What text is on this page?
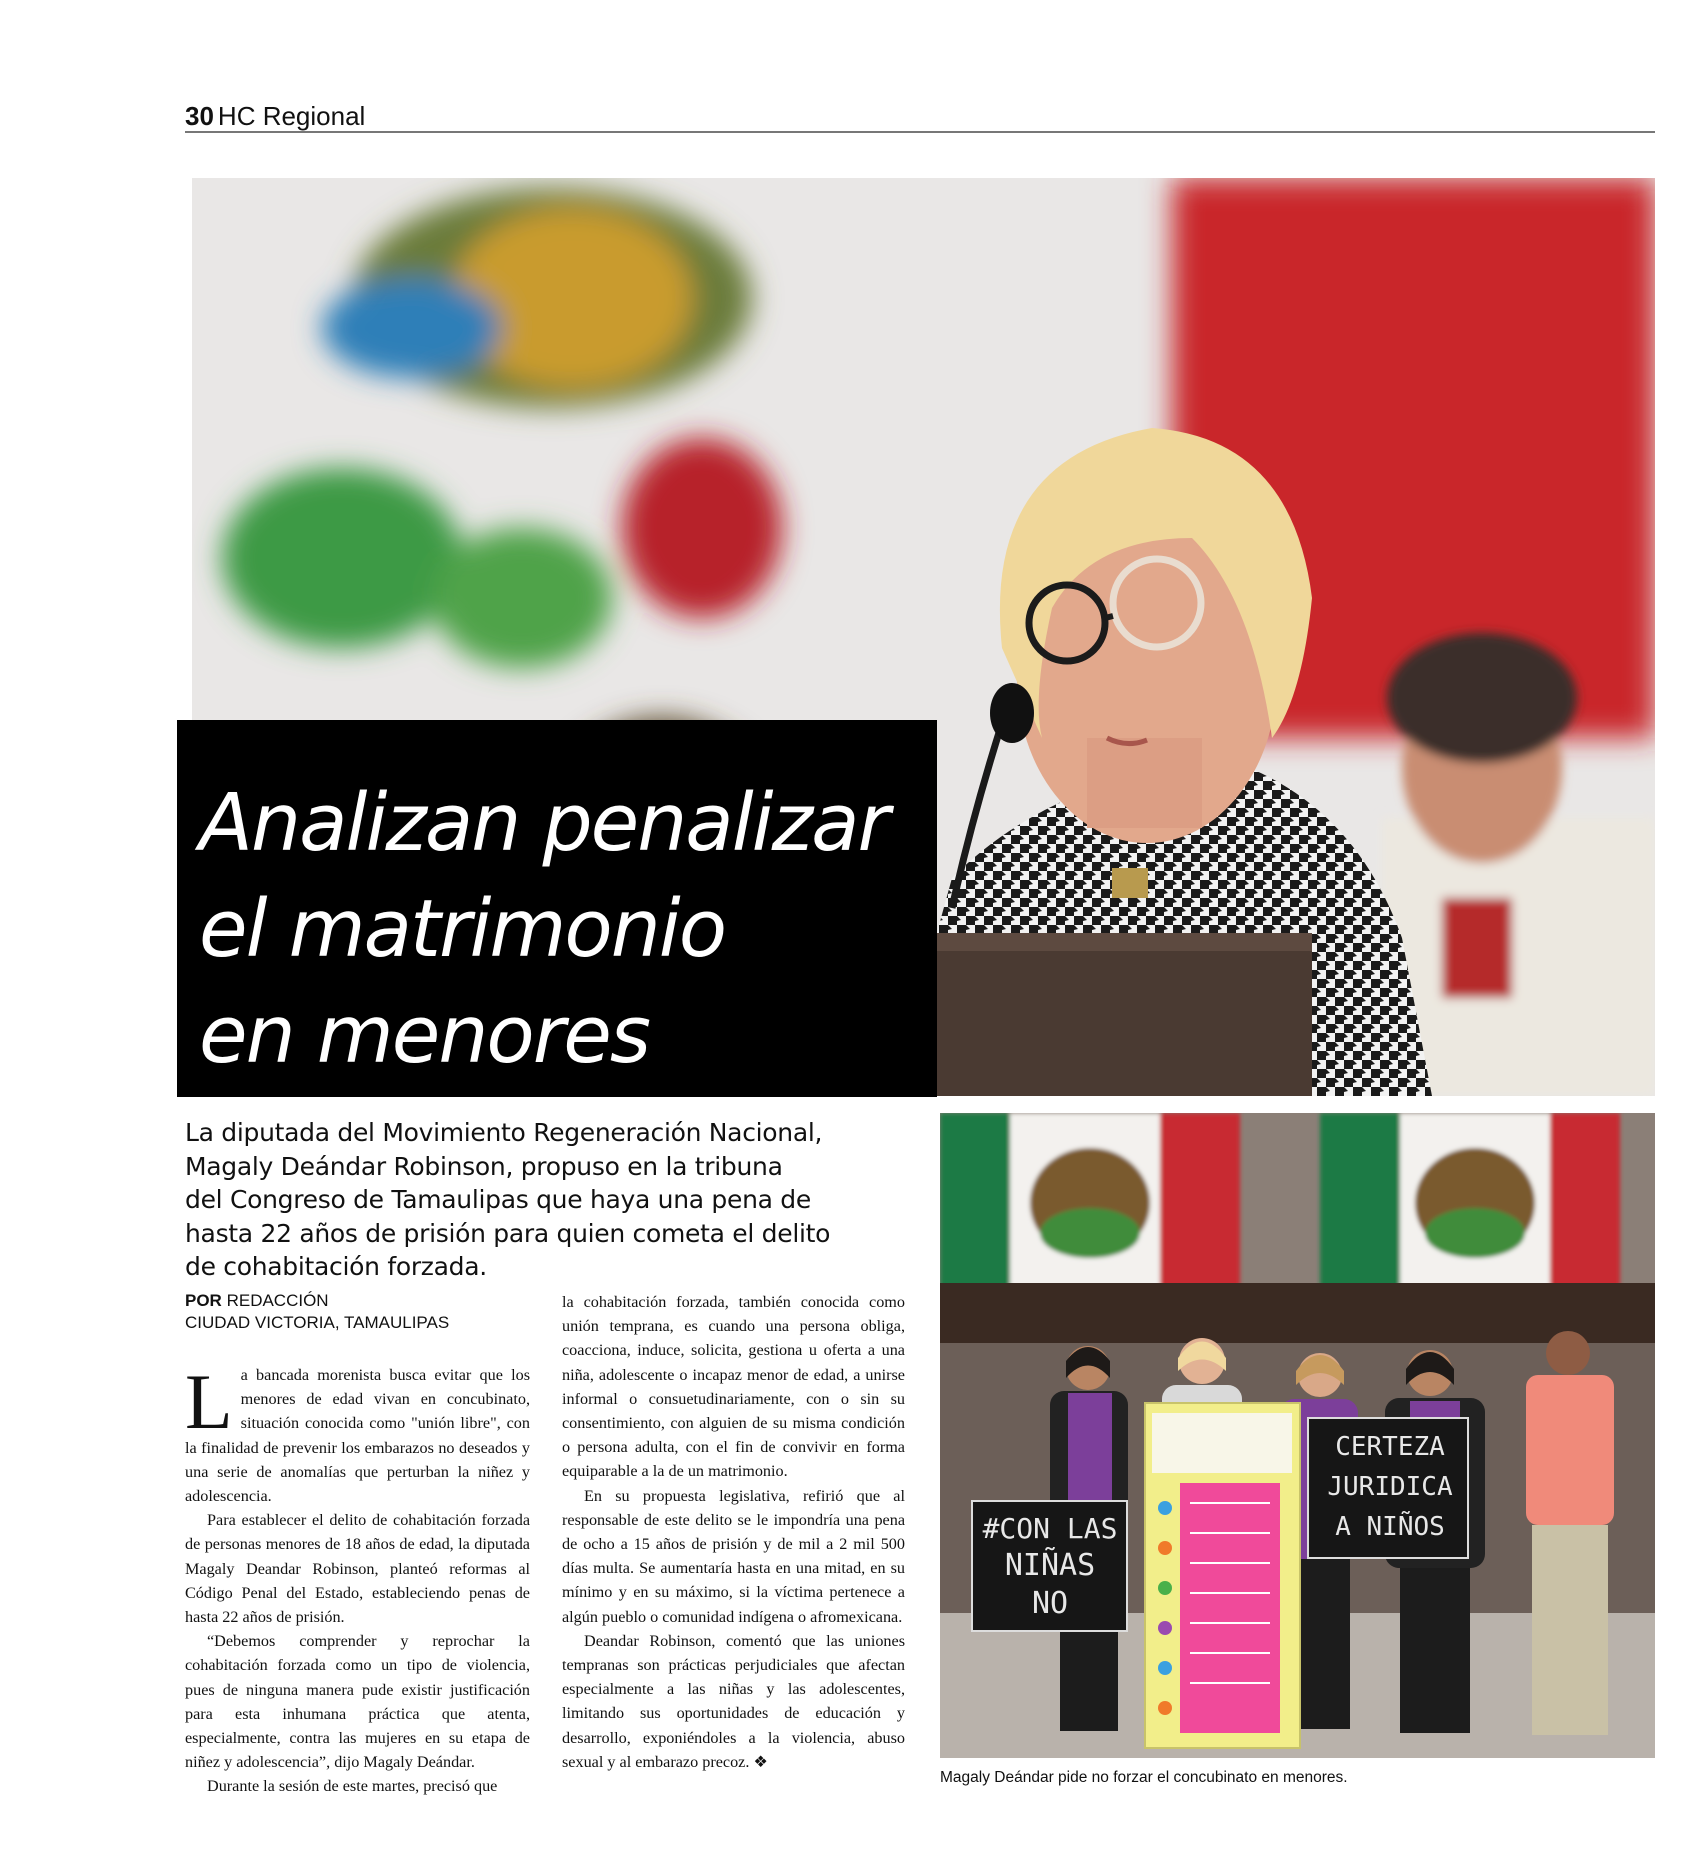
30 HC Regional
Analizan penalizar
el matrimonio
en menores

La diputada del Movimiento Regeneración Nacional,
Magaly Deándar Robinson, propuso en la tribuna
del Congreso de Tamaulipas que haya una pena de
hasta 22 años de prisión para quien cometa el delito
de cohabitación forzada.

POR REDACCIÓN
CIUDAD VICTORIA, TAMAULIPAS

La bancada morenista busca evitar que los menores de edad vivan en concubinato, situación conocida como "unión libre", con la finalidad de prevenir los embarazos no deseados y una serie de anomalías que perturban la niñez y adolescencia.

Para establecer el delito de cohabitación forzada de personas menores de 18 años de edad, la diputada Magaly Deandar Robinson, planteó reformas al Código Penal del Estado, estableciendo penas de hasta 22 años de prisión.

“Debemos comprender y reprochar la cohabitación forzada como un tipo de violencia, pues de ninguna manera pude existir justificación para esta inhumana práctica que atenta, especialmente, contra las mujeres en su etapa de niñez y adolescencia”, dijo Magaly Deándar.

Durante la sesión de este martes, precisó que

la cohabitación forzada, también conocida como unión temprana, es cuando una persona obliga, coacciona, induce, solicita, gestiona u oferta a una niña, adolescente o incapaz menor de edad, a unirse informal o consuetudinariamente, con o sin su consentimiento, con alguien de su misma condición o persona adulta, con el fin de convivir en forma equiparable a la de un matrimonio.

En su propuesta legislativa, refirió que al responsable de este delito se le impondría una pena de ocho a 15 años de prisión y de mil a 2 mil 500 días multa. Se aumentaría hasta en una mitad, en su mínimo y en su máximo, si la víctima pertenece a algún pueblo o comunidad indígena o afromexicana.

Deandar Robinson, comentó que las uniones tempranas son prácticas perjudiciales que afectan especialmente a las niñas y las adolescentes, limitando sus oportunidades de educación y desarrollo, exponiéndoles a la violencia, abuso sexual y al embarazo precoz. ❖

#CON LAS
NIÑAS
NO
CERTEZA
JURIDICA
A NIÑOS
Magaly Deándar pide no forzar el concubinato en menores.
